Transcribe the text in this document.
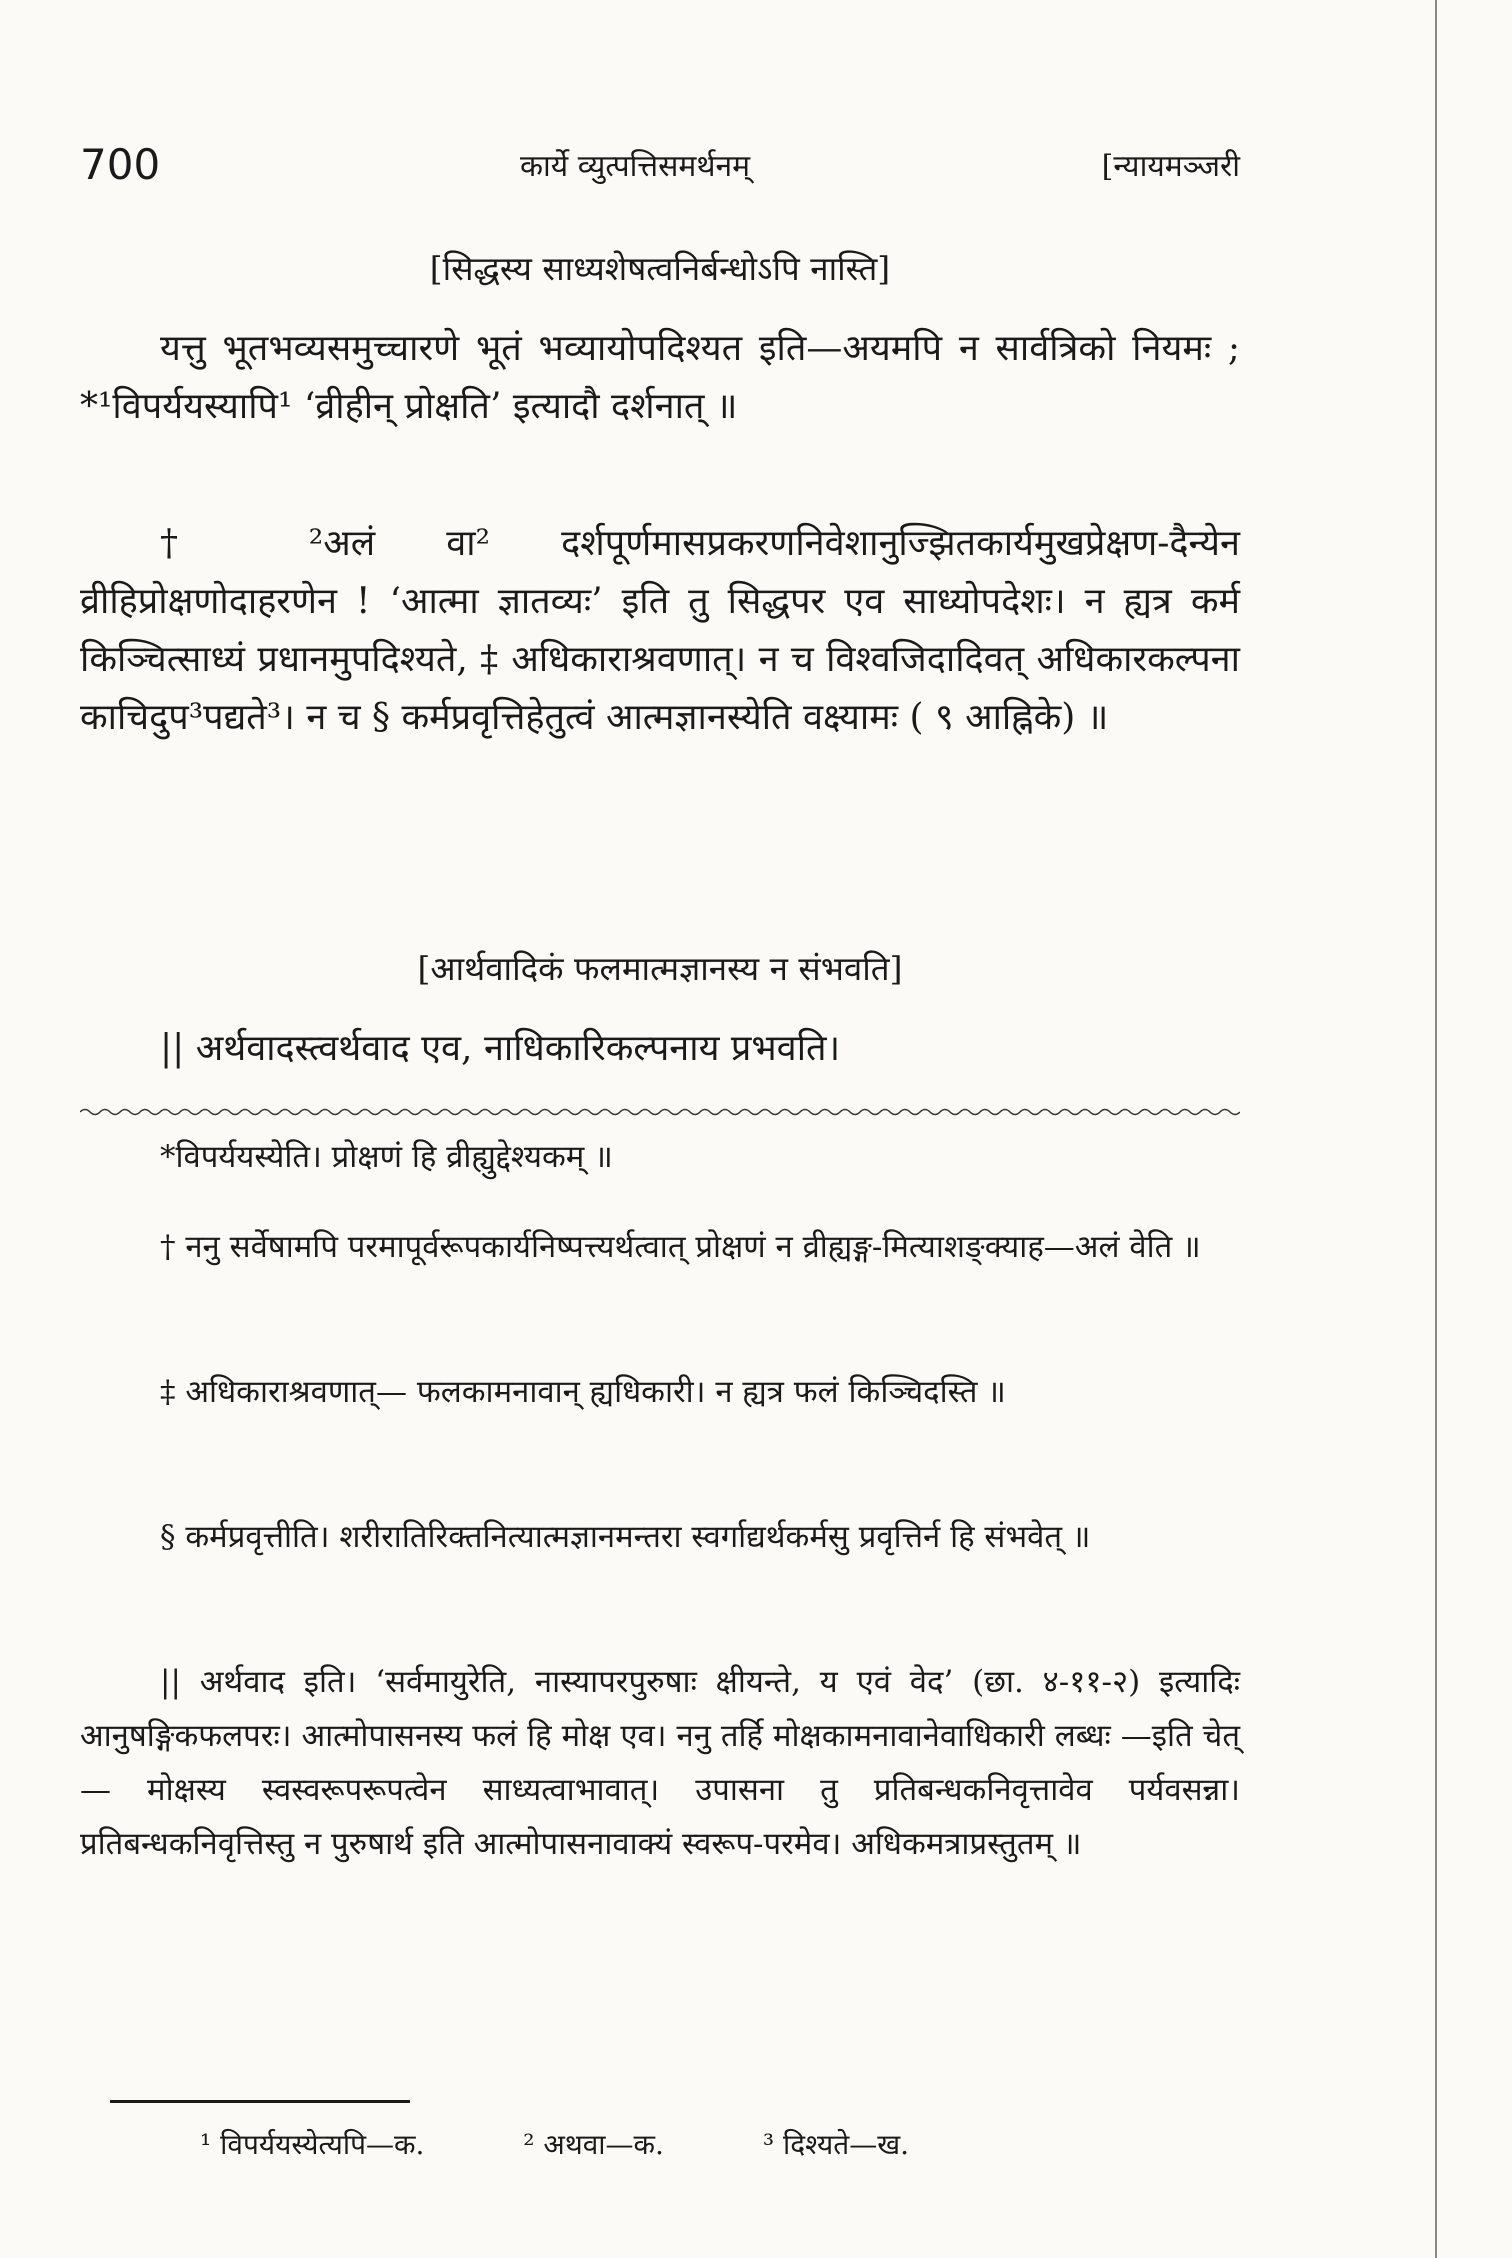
700	कार्ये व्युत्पत्तिसमर्थनम्	[न्यायमञ्जरी
[सिद्धस्य साध्यशेषत्वनिर्बन्धोऽपि नास्ति]

यत्तु भूतभव्यसमुच्चारणे भूतं भव्यायोपदिश्यत इति—अयमपि न सार्वत्रिको नियमः ; *¹विपर्ययस्यापि¹ ‘व्रीहीन् प्रोक्षति’ इत्यादौ दर्शनात् ॥

† ²अलं वा² दर्शपूर्णमासप्रकरणनिवेशानुज्झितकार्यमुखप्रेक्षण-दैन्येन व्रीहिप्रोक्षणोदाहरणेन ! ‘आत्मा ज्ञातव्यः’ इति तु सिद्धपर एव साध्योपदेशः। न ह्यत्र कर्म किञ्चित्साध्यं प्रधानमुपदिश्यते, ‡ अधिकाराश्रवणात्। न च विश्वजिदादिवत् अधिकारकल्पना काचिदुप³पद्यते³। न च § कर्मप्रवृत्तिहेतुत्वं आत्मज्ञानस्येति वक्ष्यामः ( ९ आह्निके) ॥

[आर्थवादिकं फलमात्मज्ञानस्य न संभवति]

|| अर्थवादस्त्वर्थवाद एव, नाधिकारिकल्पनाय प्रभवति।

*विपर्ययस्येति। प्रोक्षणं हि व्रीह्युद्देश्यकम् ॥

† ननु सर्वेषामपि परमापूर्वरूपकार्यनिष्पत्त्यर्थत्वात् प्रोक्षणं न व्रीह्यङ्ग-मित्याशङ्क्याह—अलं वेति ॥

‡ अधिकाराश्रवणात्— फलकामनावान् ह्यधिकारी। न ह्यत्र फलं किञ्चिदस्ति ॥

§ कर्मप्रवृत्तीति। शरीरातिरिक्तनित्यात्मज्ञानमन्तरा स्वर्गाद्यर्थकर्मसु प्रवृत्तिर्न हि संभवेत् ॥

|| अर्थवाद इति। ‘सर्वमायुरेति, नास्यापरपुरुषाः क्षीयन्ते, य एवं वेद’ (छा. ४-११-२) इत्यादिः आनुषङ्गिकफलपरः। आत्मोपासनस्य फलं हि मोक्ष एव। ननु तर्हि मोक्षकामनावानेवाधिकारी लब्धः —इति चेत्— मोक्षस्य स्वस्वरूपरूपत्वेन साध्यत्वाभावात्। उपासना तु प्रतिबन्धकनिवृत्तावेव पर्यवसन्ना। प्रतिबन्धकनिवृत्तिस्तु न पुरुषार्थ इति आत्मोपासनावाक्यं स्वरूप-परमेव। अधिकमत्राप्रस्तुतम् ॥

¹ विपर्ययस्येत्यपि—क.	² अथवा—क.	³ दिश्यते—ख.
